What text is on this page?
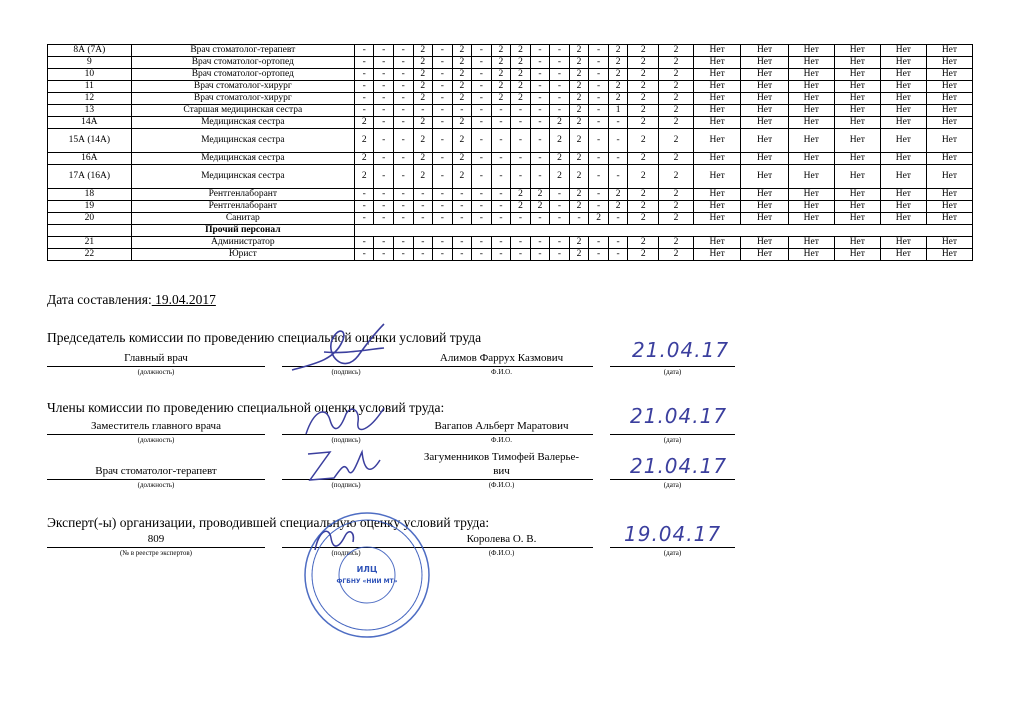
8А (7А)	Врач стоматолог-терапевт	-	-	-	2	-	2	-	2	2	-	-	2	-	2	2	2	Нет	Нет	Нет	Нет	Нет	Нет
9	Врач стоматолог-ортопед	-	-	-	2	-	2	-	2	2	-	-	2	-	2	2	2	Нет	Нет	Нет	Нет	Нет	Нет
10	Врач стоматолог-ортопед	-	-	-	2	-	2	-	2	2	-	-	2	-	2	2	2	Нет	Нет	Нет	Нет	Нет	Нет
11	Врач стоматолог-хирург	-	-	-	2	-	2	-	2	2	-	-	2	-	2	2	2	Нет	Нет	Нет	Нет	Нет	Нет
12	Врач стоматолог-хирург	-	-	-	2	-	2	-	2	2	-	-	2	-	2	2	2	Нет	Нет	Нет	Нет	Нет	Нет
13	Старшая медицинская сестра	-	-	-	-	-	-	-	-	-	-	-	2	-	1	2	2	Нет	Нет	Нет	Нет	Нет	Нет
14А	Медицинская сестра	2	-	-	2	-	2	-	-	-	-	2	2	-	-	2	2	Нет	Нет	Нет	Нет	Нет	Нет
15А (14А)	Медицинская сестра	2	-	-	2	-	2	-	-	-	-	2	2	-	-	2	2	Нет	Нет	Нет	Нет	Нет	Нет
16А	Медицинская сестра	2	-	-	2	-	2	-	-	-	-	2	2	-	-	2	2	Нет	Нет	Нет	Нет	Нет	Нет
17А (16А)	Медицинская сестра	2	-	-	2	-	2	-	-	-	-	2	2	-	-	2	2	Нет	Нет	Нет	Нет	Нет	Нет
18	Рентгенлаборант	-	-	-	-	-	-	-	-	2	2	-	2	-	2	2	2	Нет	Нет	Нет	Нет	Нет	Нет
19	Рентгенлаборант	-	-	-	-	-	-	-	-	2	2	-	2	-	2	2	2	Нет	Нет	Нет	Нет	Нет	Нет
20	Санитар	-	-	-	-	-	-	-	-	-	-	-	-	2	-	2	2	Нет	Нет	Нет	Нет	Нет	Нет
	Прочий персонал																						
21	Администратор	-	-	-	-	-	-	-	-	-	-	-	2	-	-	2	2	Нет	Нет	Нет	Нет	Нет	Нет
22	Юрист	-	-	-	-	-	-	-	-	-	-	-	2	-	-	2	2	Нет	Нет	Нет	Нет	Нет	Нет
Дата составления: 19.04.2017
Председатель комиссии по проведению специальной оценки условий труда
Главный врач	Алимов Фаррух Казмович
(должность)	(подпись)	Ф.И.О.	(дата)
21.04.17
Члены комиссии по проведению специальной оценки условий труда:
Заместитель главного врача	Вагапов Альберт Маратович
(должность)	(подпись)	Ф.И.О.	(дата)
21.04.17
Загуменников Тимофей Валерье-
вич
Врач стоматолог-терапевт
(должность)	(подпись)	(Ф.И.О.)	(дата)
21.04.17
Эксперт(-ы) организации, проводившей специальную оценку условий труда:
809	Королева О. В.
(№ в реестре экспертов)	(подпись)	(Ф.И.О.)	(дата)
19.04.17
ИЛЦ
ФГБНУ «НИИ МТ»
